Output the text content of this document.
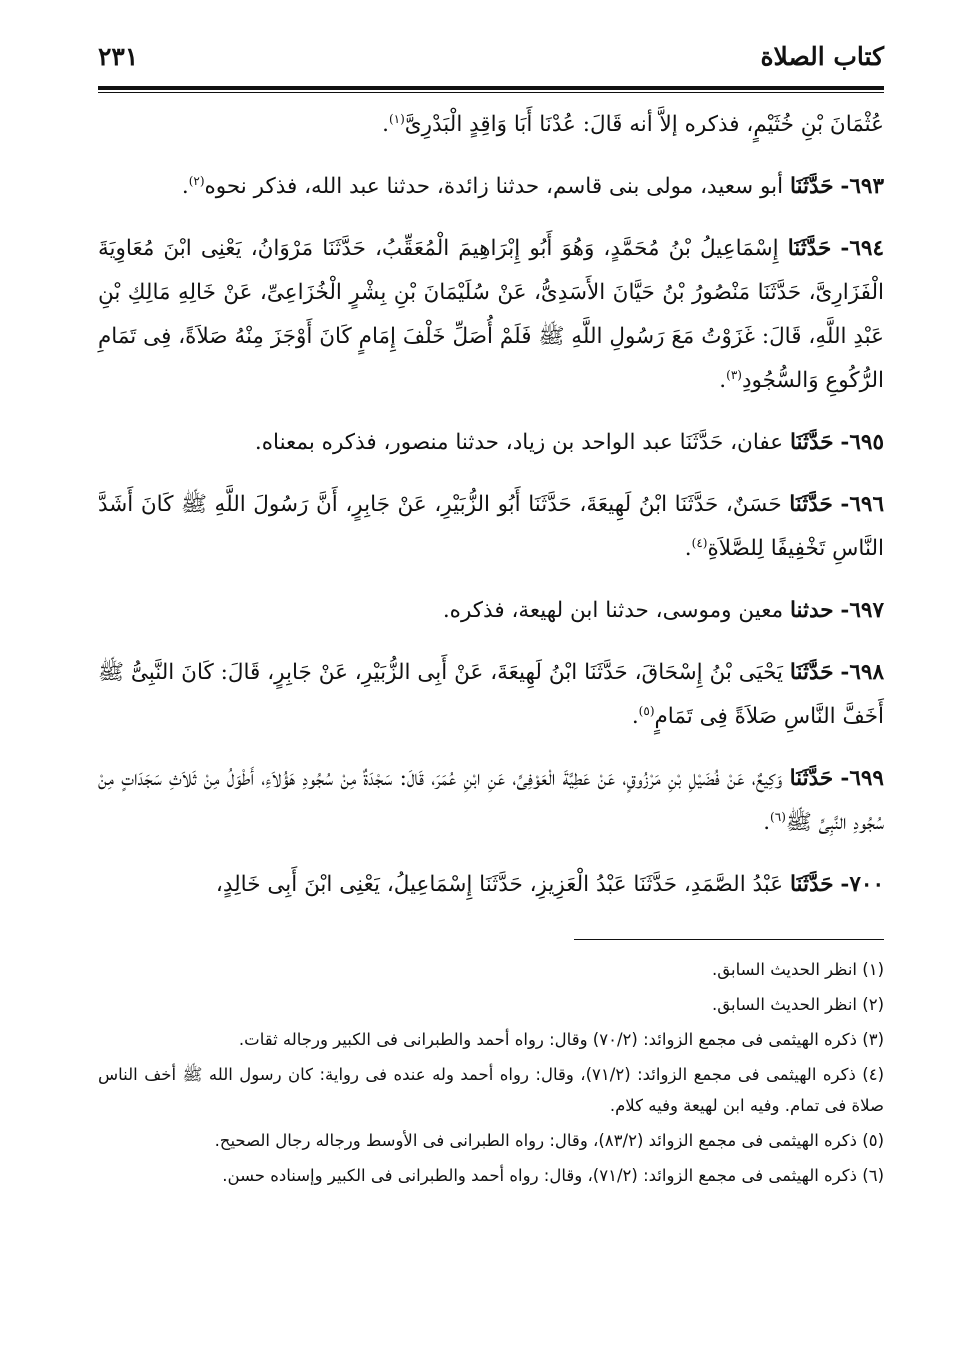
كتاب الصلاة
٢٣١

عُثْمَانَ بْنِ خُثَيْمٍ، فذكره إلاَّ أنه قَالَ: عُدْنَا أَبَا وَاقِدٍ الْبَدْرِىَّ$^{(١)}$.

٦٩٣- حَدَّثَنَا أبو سعيد، مولى بنى قاسم، حدثنا زائدة، حدثنا عبد الله، فذكر نحوه$^{(٢)}$.

٦٩٤- حَدَّثَنَا إِسْمَاعِيلُ بْنُ مُحَمَّدٍ، وَهُوَ أَبُو إِبْرَاهِيمَ الْمُعَقِّبُ، حَدَّثَنَا مَرْوَانُ، يَعْنِى ابْنَ مُعَاوِيَةَ الْفَزَارِىَّ، حَدَّثَنَا مَنْصُورُ بْنُ حَيَّانَ الأَسَدِىُّ، عَنْ سُلَيْمَانَ بْنِ بِشْرٍ الْخُزَاعِىِّ، عَنْ خَالِهِ مَالِكِ بْنِ عَبْدِ اللَّهِ، قَالَ: غَزَوْتُ مَعَ رَسُولِ اللَّهِ ﷺ فَلَمْ أُصَلِّ خَلْفَ إِمَامٍ كَانَ أَوْجَزَ مِنْهُ صَلاَةً، فِى تَمَامِ الرُّكُوعِ وَالسُّجُودِ$^{(٣)}$.

٦٩٥- حَدَّثَنَا عفان، حَدَّثَنَا عبد الواحد بن زياد، حدثنا منصور، فذكره بمعناه.

٦٩٦- حَدَّثَنَا حَسَنٌ، حَدَّثَنَا ابْنُ لَهِيعَةَ، حَدَّثَنَا أَبُو الزُّبَيْرِ، عَنْ جَابِرٍ، أَنَّ رَسُولَ اللَّهِ ﷺ كَانَ أَشَدَّ النَّاسِ تَخْفِيفًا لِلصَّلاَةِ$^{(٤)}$.

٦٩٧- حدثنا معين وموسى، حدثنا ابن لهيعة، فذكره.

٦٩٨- حَدَّثَنَا يَحْيَى بْنُ إِسْحَاقَ، حَدَّثَنَا ابْنُ لَهِيعَةَ، عَنْ أَبِى الزُّبَيْرِ، عَنْ جَابِرٍ، قَالَ: كَانَ النَّبِىُّ ﷺ أَخَفَّ النَّاسِ صَلاَةً فِى تَمَامٍ$^{(٥)}$.

٦٩٩- حَدَّثَنَا وَكِيعٌ، عَنْ فُضَيْلِ بْنِ مَرْزُوقٍ، عَنْ عَطِيَّةَ الْعَوْفِىِّ، عَنِ ابْنِ عُمَرَ، قَالَ: سَجْدَةٌ مِنْ سُجُودِ هَؤُلاَءِ، أَطْوَلُ مِنْ ثَلاَثِ سَجَدَاتٍ مِنْ سُجُودِ النَّبِىِّ ﷺ$^{(٦)}$.

٧٠٠- حَدَّثَنَا عَبْدُ الصَّمَدِ، حَدَّثَنَا عَبْدُ الْعَزِيزِ، حَدَّثَنَا إِسْمَاعِيلُ، يَعْنِى ابْنَ أَبِى خَالِدٍ،

(١) انظر الحديث السابق.

(٢) انظر الحديث السابق.

(٣) ذكره الهيثمى فى مجمع الزوائد: (٧٠/٢) وقال: رواه أحمد والطبرانى فى الكبير ورجاله ثقات.

(٤) ذكره الهيثمى فى مجمع الزوائد: (٧١/٢)، وقال: رواه أحمد وله عنده فى رواية: كان رسول الله ﷺ أخف الناس صلاة فى تمام. وفيه ابن لهيعة وفيه كلام.

(٥) ذكره الهيثمى فى مجمع الزوائد (٨٣/٢)، وقال: رواه الطبرانى فى الأوسط ورجاله رجال الصحيح.

(٦) ذكره الهيثمى فى مجمع الزوائد: (٧١/٢)، وقال: رواه أحمد والطبرانى فى الكبير وإسناده حسن.
